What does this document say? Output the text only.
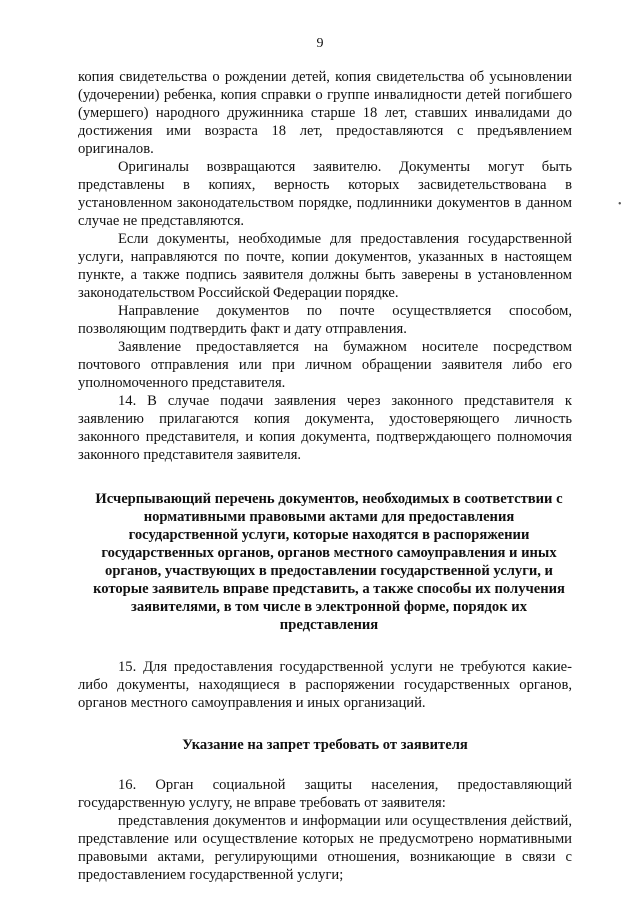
9

копия свидетельства о рождении детей, копия свидетельства об усыновлении (удочерении) ребенка, копия справки о группе инвалидности детей погибшего (умершего) народного дружинника старше 18 лет, ставших инвалидами до достижения ими возраста 18 лет, предоставляются с предъявлением оригиналов.

Оригиналы возвращаются заявителю. Документы могут быть представлены в копиях, верность которых засвидетельствована в установленном законодательством порядке, подлинники документов в данном случае не представляются.

Если документы, необходимые для предоставления государственной услуги, направляются по почте, копии документов, указанных в настоящем пункте, а также подпись заявителя должны быть заверены в установленном законодательством Российской Федерации порядке.

Направление документов по почте осуществляется способом, позволяющим подтвердить факт и дату отправления.

Заявление предоставляется на бумажном носителе посредством почтового отправления или при личном обращении заявителя либо его уполномоченного представителя.

14. В случае подачи заявления через законного представителя к заявлению прилагаются копия документа, удостоверяющего личность законного представителя, и копия документа, подтверждающего полномочия законного представителя заявителя.

Исчерпывающий перечень документов, необходимых в соответствии с нормативными правовыми актами для предоставления государственной услуги, которые находятся в распоряжении государственных органов, органов местного самоуправления и иных органов, участвующих в предоставлении государственной услуги, и которые заявитель вправе представить, а также способы их получения заявителями, в том числе в электронной форме, порядок их представления

15. Для предоставления государственной услуги не требуются какие-либо документы, находящиеся в распоряжении государственных органов, органов местного самоуправления и иных организаций.

Указание на запрет требовать от заявителя

16. Орган социальной защиты населения, предоставляющий государственную услугу, не вправе требовать от заявителя:

представления документов и информации или осуществления действий, представление или осуществление которых не предусмотрено нормативными правовыми актами, регулирующими отношения, возникающие в связи с предоставлением государственной услуги;

•
